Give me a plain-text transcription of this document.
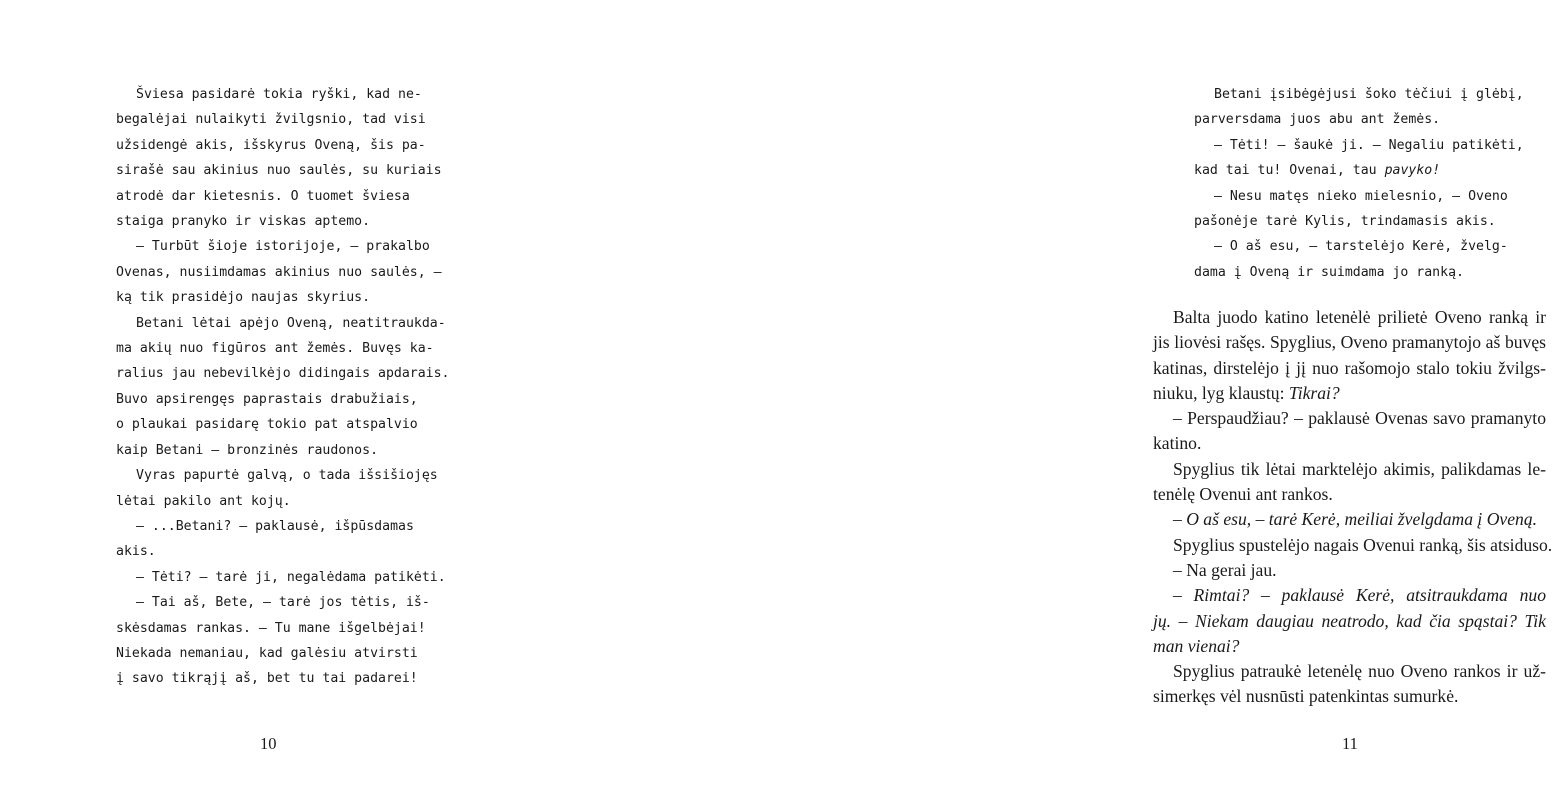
Šviesa pasidarė tokia ryški, kad ne-
begalėjai nulaikyti žvilgsnio, tad visi
užsidengė akis, išskyrus Oveną, šis pa-
sirašė sau akinius nuo saulės, su kuriais
atrodė dar kietesnis. O tuomet šviesa
staiga pranyko ir viskas aptemo.
– Turbūt šioje istorijoje, – prakalbo
Ovenas, nusiimdamas akinius nuo saulės, –
ką tik prasidėjo naujas skyrius.
Betani lėtai apėjo Oveną, neatitraukda-
ma akių nuo figūros ant žemės. Buvęs ka-
ralius jau nebevilkėjo didingais apdarais.
Buvo apsirengęs paprastais drabužiais,
o plaukai pasidarę tokio pat atspalvio
kaip Betani – bronzinės raudonos.
Vyras papurtė galvą, o tada išsišiojęs
lėtai pakilo ant kojų.
– ...Betani? – paklausė, išpūsdamas
akis.
– Tėti? – tarė ji, negalėdama patikėti.
– Tai aš, Bete, – tarė jos tėtis, iš-
skėsdamas rankas. – Tu mane išgelbėjai!
Niekada nemaniau, kad galėsiu atvirsti
į savo tikrąjį aš, bet tu tai padarei!
10
Betani įsibėgėjusi šoko tėčiui į glėbį,
parversdama juos abu ant žemės.
– Tėti! – šaukė ji. – Negaliu patikėti,
kad tai tu! Ovenai, tau pavyko!
– Nesu matęs nieko mielesnio, – Oveno
pašonėje tarė Kylis, trindamasis akis.
– O aš esu, – tarstelėjo Kerė, žvelg-
dama į Oveną ir suimdama jo ranką.
Balta juodo katino letenėlė prilietė Oveno ranką ir
jis liovėsi rašęs. Spyglius, Oveno pramanytojo aš buvęs
katinas, dirstelėjo į jį nuo rašomojo stalo tokiu žvilgs-
niuku, lyg klaustų: Tikrai?
– Perspaudžiau? – paklausė Ovenas savo pramanyto
katino.
Spyglius tik lėtai marktelėjo akimis, palikdamas le-
tenėlę Ovenui ant rankos.
– O aš esu, – tarė Kerė, meiliai žvelgdama į Oveną.
Spyglius spustelėjo nagais Ovenui ranką, šis atsiduso.
– Na gerai jau.
– Rimtai? – paklausė Kerė, atsitraukdama nuo
jų. – Niekam daugiau neatrodo, kad čia spąstai? Tik
man vienai?
Spyglius patraukė letenėlę nuo Oveno rankos ir už-
simerkęs vėl nusnūsti patenkintas sumurkė.
11
